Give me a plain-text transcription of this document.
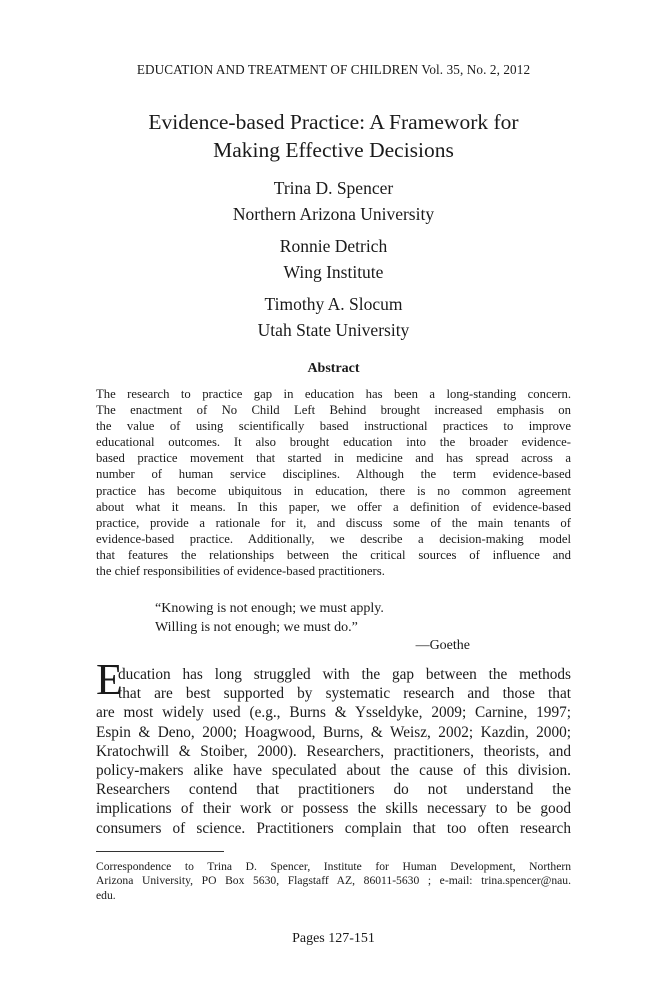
EDUCATION AND TREATMENT OF CHILDREN Vol. 35, No. 2, 2012
Evidence-based Practice: A Framework for
Making Effective Decisions
Trina D. Spencer
Northern Arizona University
Ronnie Detrich
Wing Institute
Timothy A. Slocum
Utah State University
Abstract
The research to practice gap in education has been a long-standing concern.
The enactment of No Child Left Behind brought increased emphasis on
the value of using scientifically based instructional practices to improve
educational outcomes. It also brought education into the broader evidence-
based practice movement that started in medicine and has spread across a
number of human service disciplines. Although the term evidence-based
practice has become ubiquitous in education, there is no common agreement
about what it means. In this paper, we offer a definition of evidence-based
practice, provide a rationale for it, and discuss some of the main tenants of
evidence-based practice. Additionally, we describe a decision-making model
that features the relationships between the critical sources of influence and
the chief responsibilities of evidence-based practitioners.
“Knowing is not enough; we must apply.
Willing is not enough; we must do.”
—Goethe
E
ducation has long struggled with the gap between the methods
that are best supported by systematic research and those that
are most widely used (e.g., Burns & Ysseldyke, 2009; Carnine, 1997;
Espin & Deno, 2000; Hoagwood, Burns, & Weisz, 2002; Kazdin, 2000;
Kratochwill & Stoiber, 2000). Researchers, practitioners, theorists, and
policy-makers alike have speculated about the cause of this division.
Researchers contend that practitioners do not understand the
implications of their work or possess the skills necessary to be good
consumers of science. Practitioners complain that too often research
Correspondence to Trina D. Spencer, Institute for Human Development, Northern
Arizona University, PO Box 5630, Flagstaff AZ, 86011-5630 ; e-mail: trina.spencer@nau.
edu.
Pages 127-151
